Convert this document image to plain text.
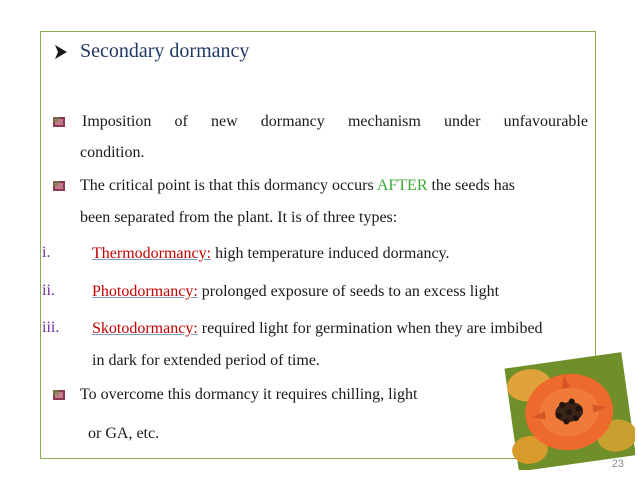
Secondary dormancy
Imposition of new dormancy mechanism under unfavourable
condition.
The critical point is that this dormancy occurs AFTER the seeds has
been separated from the plant. It is of three types:
i.	Thermodormancy: high temperature induced dormancy.
ii. Photodormancy: prolonged exposure of seeds to an excess light
iii. Skotodormancy: required light for germination when they are imbibed
in dark for extended period of time.
To overcome this dormancy it requires chilling, light
or GA, etc.
23
